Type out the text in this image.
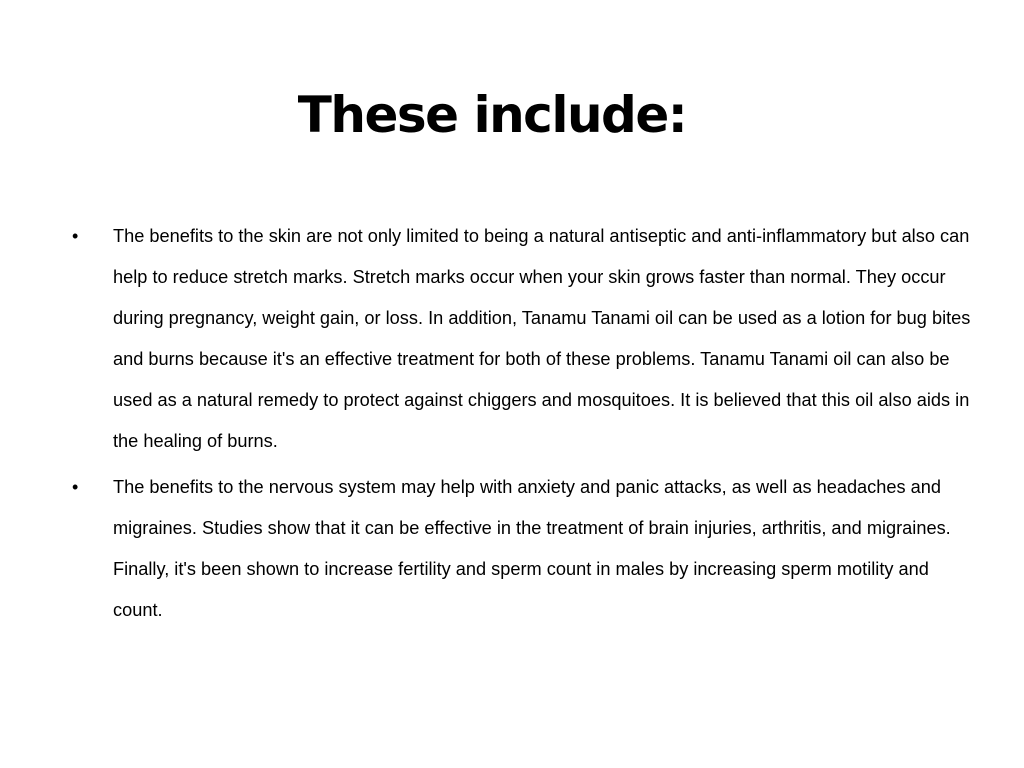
These include:
•	The benefits to the skin are not only limited to being a natural antiseptic and anti-inflammatory but also can help to reduce stretch marks. Stretch marks occur when your skin grows faster than normal. They occur during pregnancy, weight gain, or loss. In addition, Tanamu Tanami oil can be used as a lotion for bug bites and burns because it's an effective treatment for both of these problems. Tanamu Tanami oil can also be used as a natural remedy to protect against chiggers and mosquitoes. It is believed that this oil also aids in the healing of burns.
•	The benefits to the nervous system may help with anxiety and panic attacks, as well as headaches and migraines. Studies show that it can be effective in the treatment of brain injuries, arthritis, and migraines. Finally, it's been shown to increase fertility and sperm count in males by increasing sperm motility and count.
